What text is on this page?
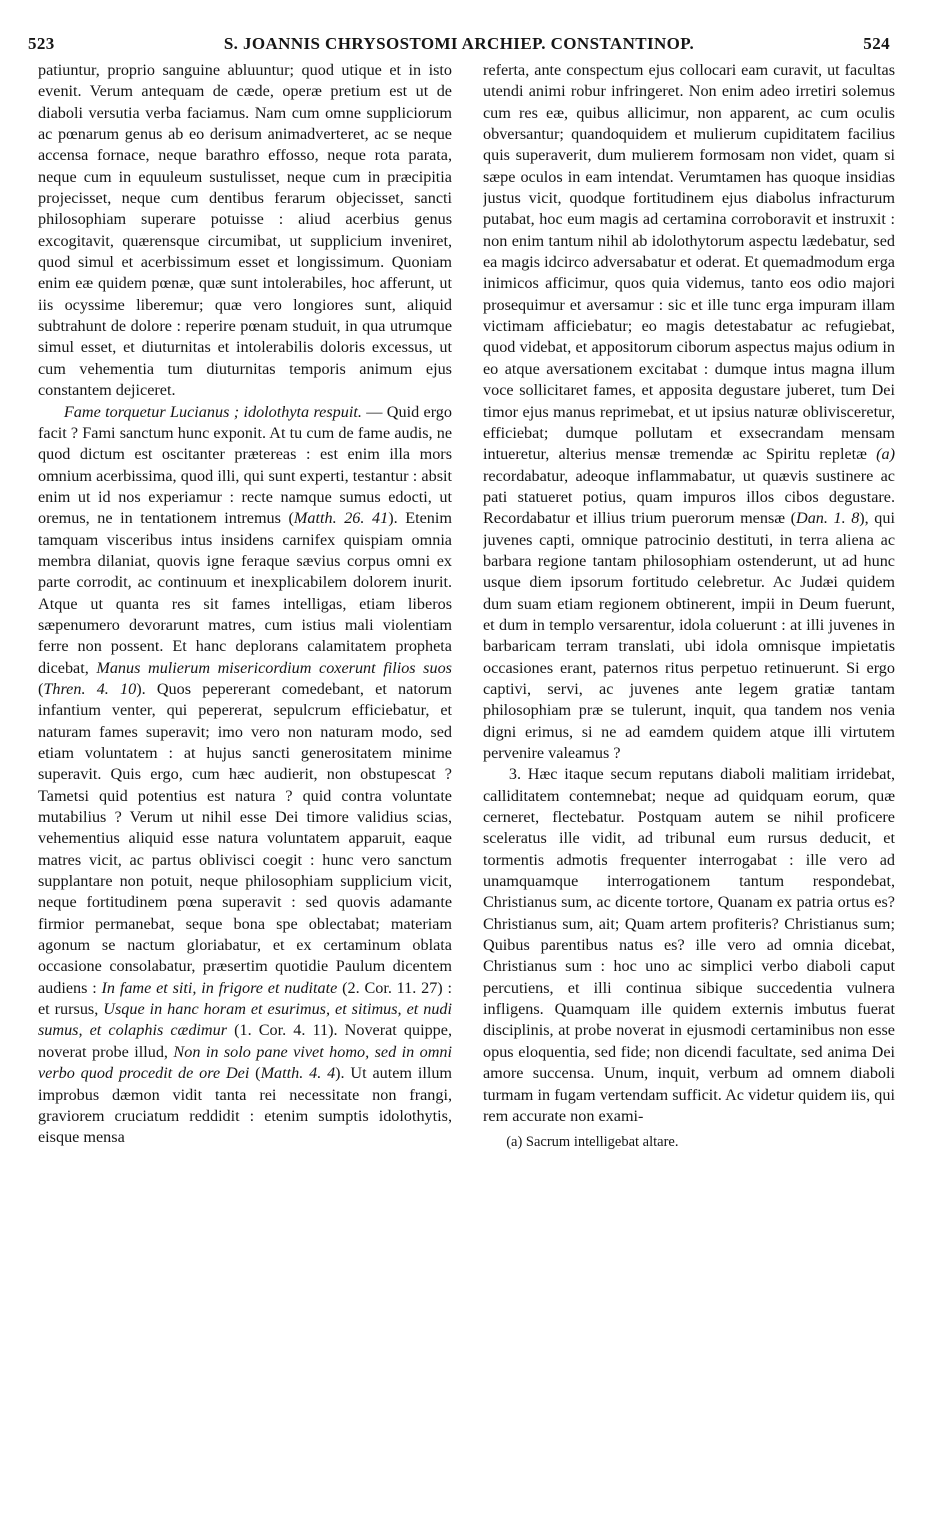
523	S. JOANNIS CHRYSOSTOMI ARCHIEP. CONSTANTINOP.	524

patiuntur, proprio sanguine abluuntur; quod utique et in isto evenit. Verum antequam de cæde, operæ pretium est ut de diaboli versutia verba faciamus. Nam cum omne suppliciorum ac pœnarum genus ab eo derisum animadverteret, ac se neque accensa fornace, neque barathro effosso, neque rota parata, neque cum in equuleum sustulisset, neque cum in præcipitia projecisset, neque cum dentibus ferarum objecisset, sancti philosophiam superare potuisse : aliud acerbius genus excogitavit, quærensque circumibat, ut supplicium inveniret, quod simul et acerbissimum esset et longissimum. Quoniam enim eæ quidem pœnæ, quæ sunt intolerabiles, hoc afferunt, ut iis ocyssime liberemur; quæ vero longiores sunt, aliquid subtrahunt de dolore : reperire pœnam studuit, in qua utrumque simul esset, et diuturnitas et intolerabilis doloris excessus, ut cum vehementia tum diuturnitas temporis animum ejus constantem dejiceret.

Fame torquetur Lucianus ; idolothyta respuit. — Quid ergo facit ? Fami sanctum hunc exponit. At tu cum de fame audis, ne quod dictum est oscitanter prætereas : est enim illa mors omnium acerbissima, quod illi, qui sunt experti, testantur : absit enim ut id nos experiamur : recte namque sumus edocti, ut oremus, ne in tentationem intremus (Matth. 26. 41). Etenim tamquam visceribus intus insidens carnifex quispiam omnia membra dilaniat, quovis igne feraque sævius corpus omni ex parte corrodit, ac continuum et inexplicabilem dolorem inurit. Atque ut quanta res sit fames intelligas, etiam liberos sæpenumero devorarunt matres, cum istius mali violentiam ferre non possent. Et hanc deplorans calamitatem propheta dicebat, Manus mulierum misericordium coxerunt filios suos (Thren. 4. 10). Quos pepererant comedebant, et natorum infantium venter, qui pepererat, sepulcrum efficiebatur, et naturam fames superavit; imo vero non naturam modo, sed etiam voluntatem : at hujus sancti generositatem minime superavit. Quis ergo, cum hæc audierit, non obstupescat ? Tametsi quid potentius est natura ? quid contra voluntate mutabilius ? Verum ut nihil esse Dei timore validius scias, vehementius aliquid esse natura voluntatem apparuit, eaque matres vicit, ac partus oblivisci coegit : hunc vero sanctum supplantare non potuit, neque philosophiam supplicium vicit, neque fortitudinem pœna superavit : sed quovis adamante firmior permanebat, seque bona spe oblectabat; materiam agonum se nactum gloriabatur, et ex certaminum oblata occasione consolabatur, præsertim quotidie Paulum dicentem audiens : In fame et siti, in frigore et nuditate (2. Cor. 11. 27) : et rursus, Usque in hanc horam et esurimus, et sitimus, et nudi sumus, et colaphis cædimur (1. Cor. 4. 11). Noverat quippe, noverat probe illud, Non in solo pane vivet homo, sed in omni verbo quod procedit de ore Dei (Matth. 4. 4). Ut autem illum improbus dæmon vidit tanta rei necessitate non frangi, graviorem cruciatum reddidit : etenim sumptis idolothytis, eisque mensa

referta, ante conspectum ejus collocari eam curavit, ut facultas utendi animi robur infringeret. Non enim adeo irretiri solemus cum res eæ, quibus allicimur, non apparent, ac cum oculis obversantur; quandoquidem et mulierum cupiditatem facilius quis superaverit, dum mulierem formosam non videt, quam si sæpe oculos in eam intendat. Verumtamen has quoque insidias justus vicit, quodque fortitudinem ejus diabolus infracturum putabat, hoc eum magis ad certamina corroboravit et instruxit : non enim tantum nihil ab idolothytorum aspectu lædebatur, sed ea magis idcirco adversabatur et oderat. Et quemadmodum erga inimicos afficimur, quos quia videmus, tanto eos odio majori prosequimur et aversamur : sic et ille tunc erga impuram illam victimam afficiebatur; eo magis detestabatur ac refugiebat, quod videbat, et appositorum ciborum aspectus majus odium in eo atque aversationem excitabat : dumque intus magna illum voce sollicitaret fames, et apposita degustare juberet, tum Dei timor ejus manus reprimebat, et ut ipsius naturæ oblivisceretur, efficiebat; dumque pollutam et exsecrandam mensam intueretur, alterius mensæ tremendæ ac Spiritu repletæ (a) recordabatur, adeoque inflammabatur, ut quævis sustinere ac pati statueret potius, quam impuros illos cibos degustare. Recordabatur et illius trium puerorum mensæ (Dan. 1. 8), qui juvenes capti, omnique patrocinio destituti, in terra aliena ac barbara regione tantam philosophiam ostenderunt, ut ad hunc usque diem ipsorum fortitudo celebretur. Ac Judæi quidem dum suam etiam regionem obtinerent, impii in Deum fuerunt, et dum in templo versarentur, idola coluerunt : at illi juvenes in barbaricam terram translati, ubi idola omnisque impietatis occasiones erant, paternos ritus perpetuo retinuerunt. Si ergo captivi, servi, ac juvenes ante legem gratiæ tantam philosophiam præ se tulerunt, inquit, qua tandem nos venia digni erimus, si ne ad eamdem quidem atque illi virtutem pervenire valeamus ?

3. Hæc itaque secum reputans diaboli malitiam irridebat, calliditatem contemnebat; neque ad quidquam eorum, quæ cerneret, flectebatur. Postquam autem se nihil proficere sceleratus ille vidit, ad tribunal eum rursus deducit, et tormentis admotis frequenter interrogabat : ille vero ad unamquamque interrogationem tantum respondebat, Christianus sum, ac dicente tortore, Quanam ex patria ortus es? Christianus sum, ait; Quam artem profiteris? Christianus sum; Quibus parentibus natus es? ille vero ad omnia dicebat, Christianus sum : hoc uno ac simplici verbo diaboli caput percutiens, et illi continua sibique succedentia vulnera infligens. Quamquam ille quidem externis imbutus fuerat disciplinis, at probe noverat in ejusmodi certaminibus non esse opus eloquentia, sed fide; non dicendi facultate, sed anima Dei amore succensa. Unum, inquit, verbum ad omnem diaboli turmam in fugam vertendam sufficit. Ac videtur quidem iis, qui rem accurate non exami-

(a) Sacrum intelligebat altare.
